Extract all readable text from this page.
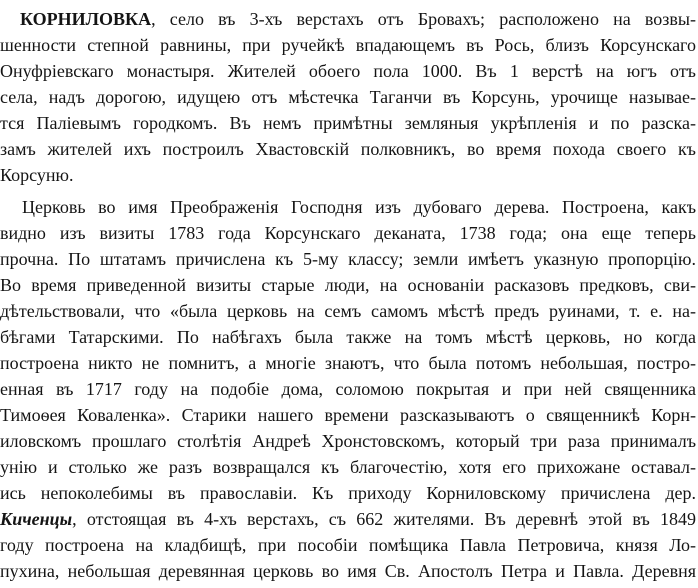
КОРНИЛОВКА, село въ 3-хъ верстахъ отъ Бровахъ; расположено на возвы-
шенности степной равнины, при ручейкѣ впадающемъ въ Рось, близъ Корсунскаго
Онуфріевскаго монастыря. Жителей обоего пола 1000. Въ 1 верстѣ на югъ отъ
села, надъ дорогою, идущею отъ мѣстечка Таганчи въ Корсунь, урочище называе-
тся Паліевымъ городкомъ. Въ немъ примѣтны земляныя укрѣпленія и по разска-
замъ жителей ихъ построилъ Хвастовскій полковникъ, во время похода своего къ
Корсуню.
Церковь во имя Преображенія Господня изъ дубоваго дерева. Построена, какъ
видно изъ визиты 1783 года Корсунскаго деканата, 1738 года; она еще теперь
прочна. По штатамъ причислена къ 5-му классу; земли имѣетъ указную пропорцію.
Во время приведенной визиты старые люди, на основаніи расказовъ предковъ, сви-
дѣтельствовали, что «была церковь на семъ самомъ мѣстѣ предъ руинами, т. е. на-
бѣгами Татарскими. По набѣгахъ была также на томъ мѣстѣ церковь, но когда
построена никто не помнитъ, а многіе знаютъ, что была потомъ небольшая, постро-
енная въ 1717 году на подобіе дома, соломою покрытая и при ней священника
Тимоѳея Коваленка». Старики нашего времени разсказываютъ о священникѣ Корн-
иловскомъ прошлаго столѣтія Андреѣ Хронстовскомъ, который три раза принималъ
унію и столько же разъ возвращался къ благочестію, хотя его прихожане оставал-
ись непоколебимы въ православіи. Къ приходу Корниловскому причислена дер.
Киченцы, отстоящая въ 4-хъ верстахъ, съ 662 жителями. Въ деревнѣ этой въ 1849
году построена на кладбищѣ, при пособіи помѣщика Павла Петровича, князя Ло-
пухина, небольшая деревянная церковь во имя Св. Апостолъ Петра и Павла. Деревня
